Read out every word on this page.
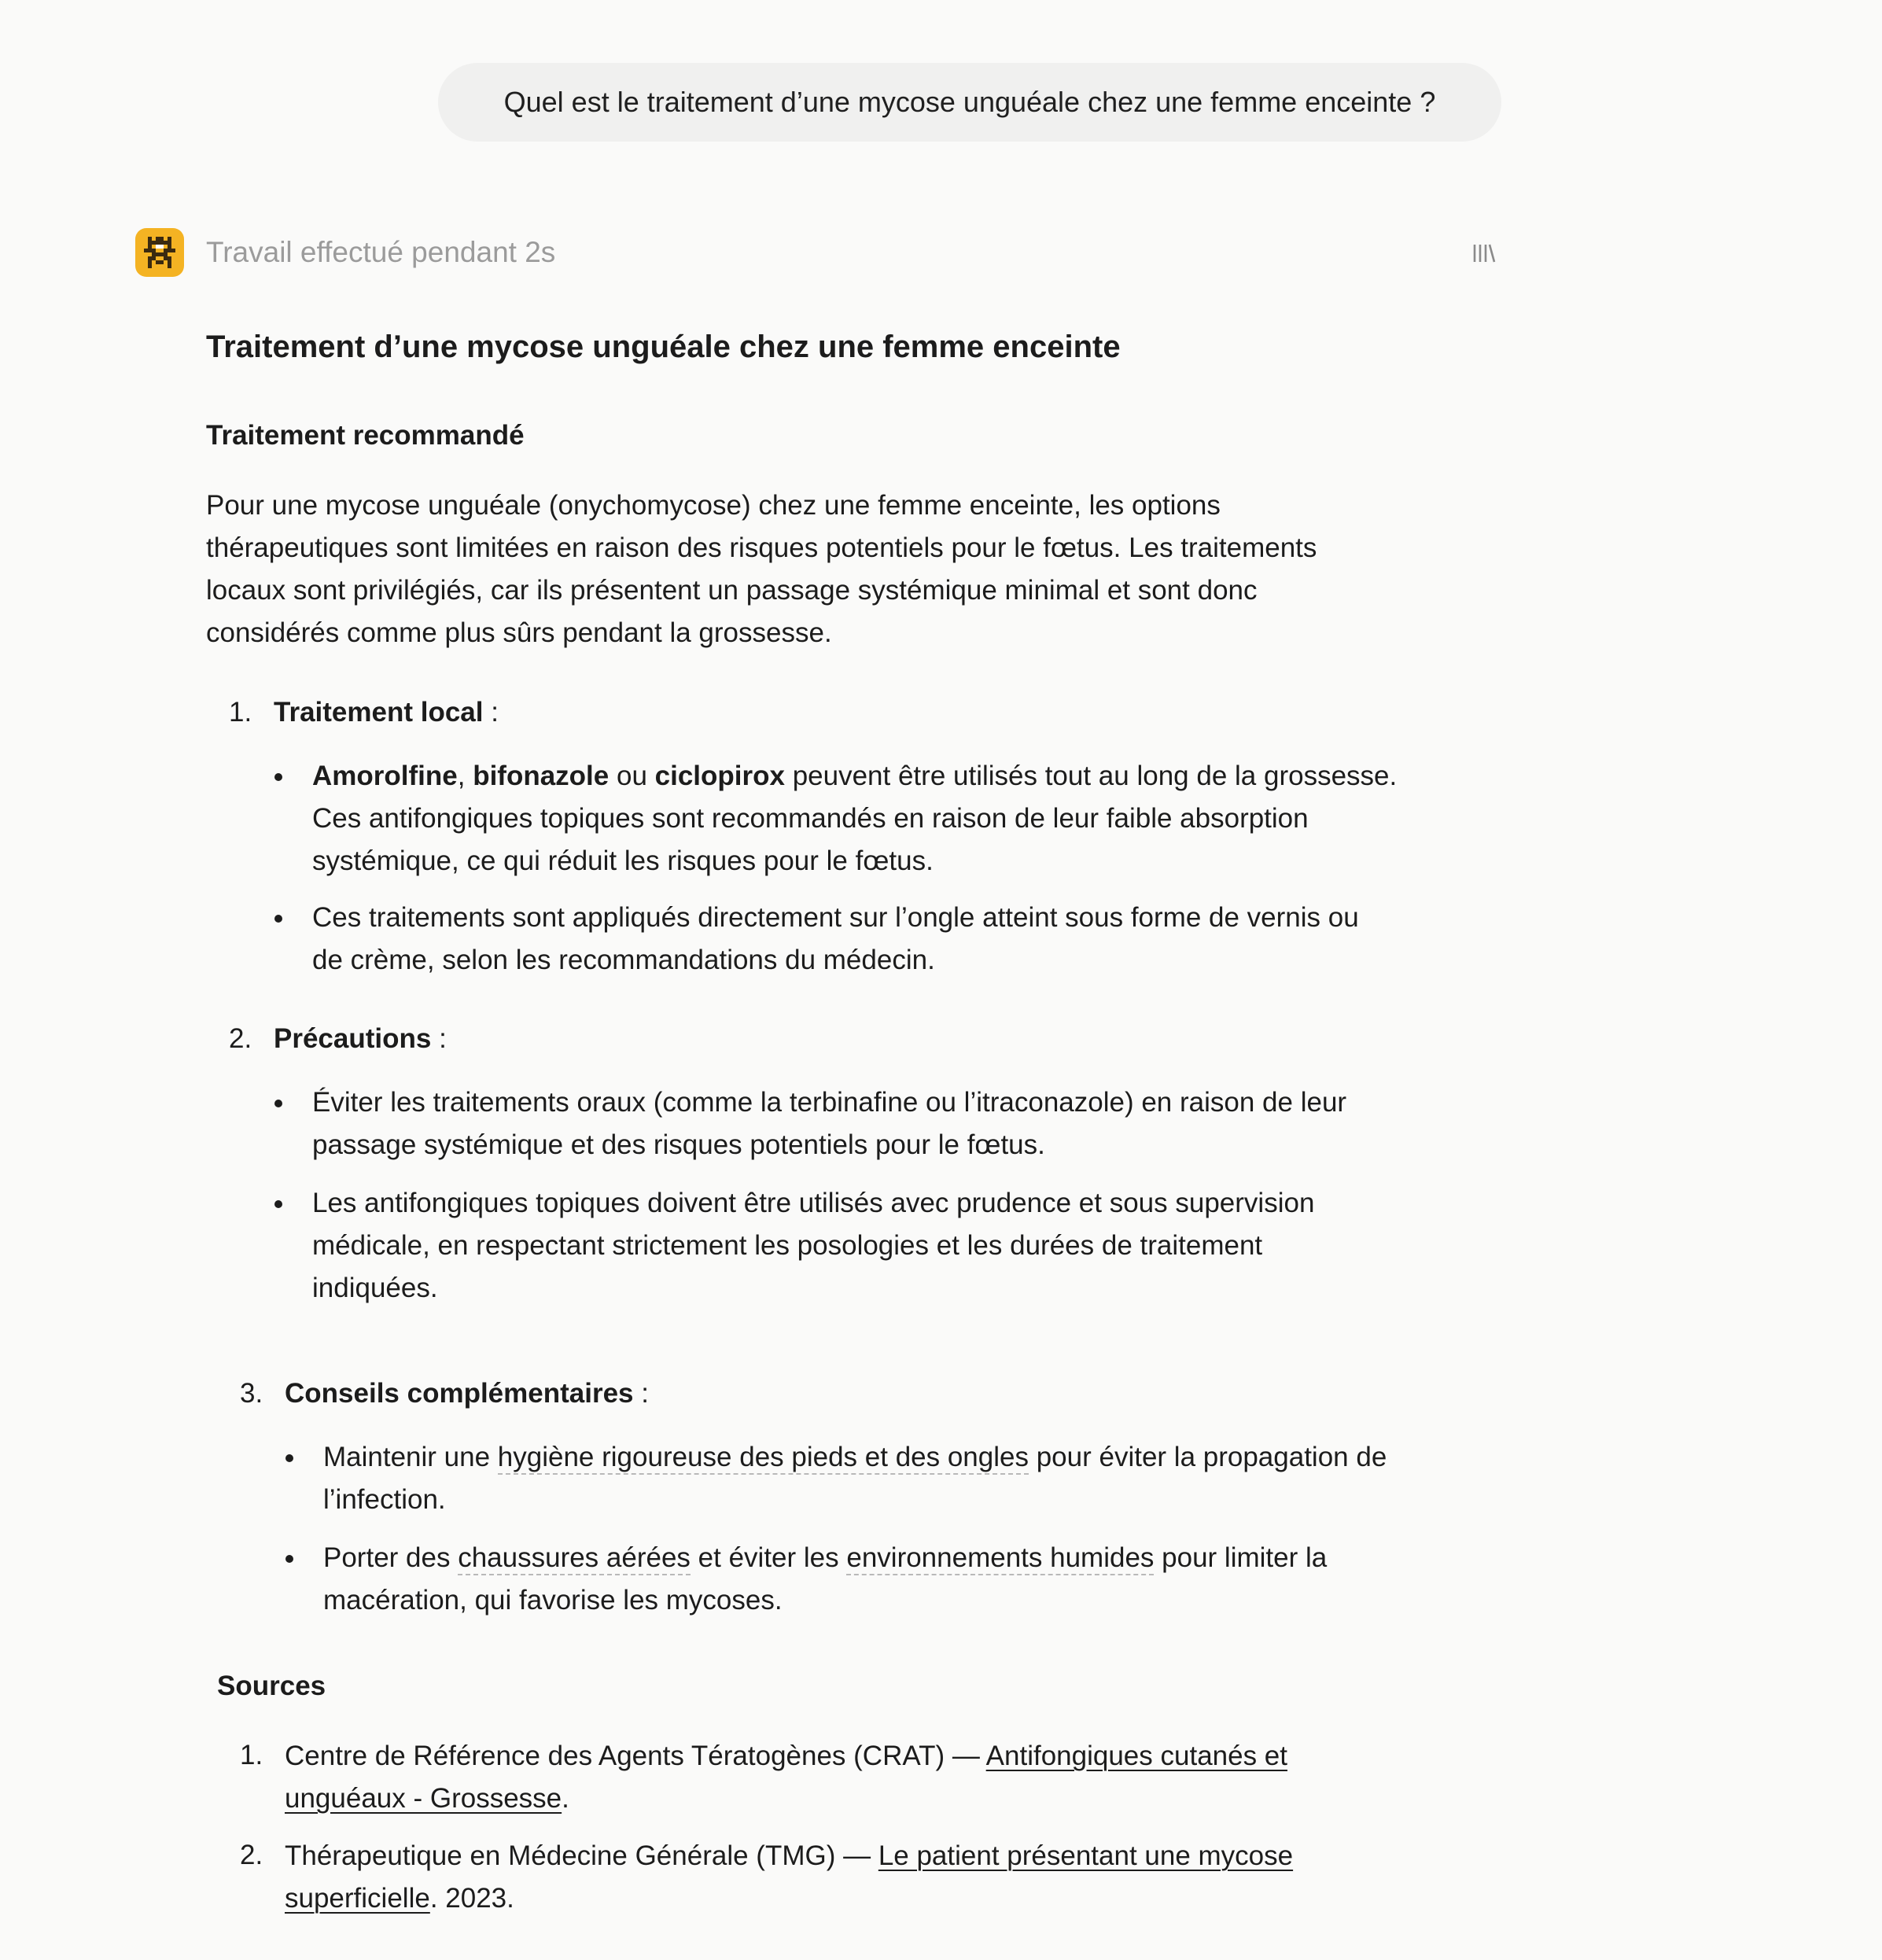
Quel est le traitement d’une mycose unguéale chez une femme enceinte ?
Travail effectué pendant 2s
Traitement d’une mycose unguéale chez une femme enceinte
Traitement recommandé
Pour une mycose unguéale (onychomycose) chez une femme enceinte, les options
thérapeutiques sont limitées en raison des risques potentiels pour le fœtus. Les traitements
locaux sont privilégiés, car ils présentent un passage systémique minimal et sont donc
considérés comme plus sûrs pendant la grossesse.
1. Traitement local :
Amorolfine, bifonazole ou ciclopirox peuvent être utilisés tout au long de la grossesse.
Ces antifongiques topiques sont recommandés en raison de leur faible absorption
systémique, ce qui réduit les risques pour le fœtus.
Ces traitements sont appliqués directement sur l’ongle atteint sous forme de vernis ou
de crème, selon les recommandations du médecin.
2. Précautions :
Éviter les traitements oraux (comme la terbinafine ou l’itraconazole) en raison de leur
passage systémique et des risques potentiels pour le fœtus.
Les antifongiques topiques doivent être utilisés avec prudence et sous supervision
médicale, en respectant strictement les posologies et les durées de traitement
indiquées.
3. Conseils complémentaires :
Maintenir une hygiène rigoureuse des pieds et des ongles pour éviter la propagation de
l’infection.
Porter des chaussures aérées et éviter les environnements humides pour limiter la
macération, qui favorise les mycoses.
Sources
1. Centre de Référence des Agents Tératogènes (CRAT) — Antifongiques cutanés et
unguéaux - Grossesse.
2. Thérapeutique en Médecine Générale (TMG) — Le patient présentant une mycose
superficielle. 2023.
